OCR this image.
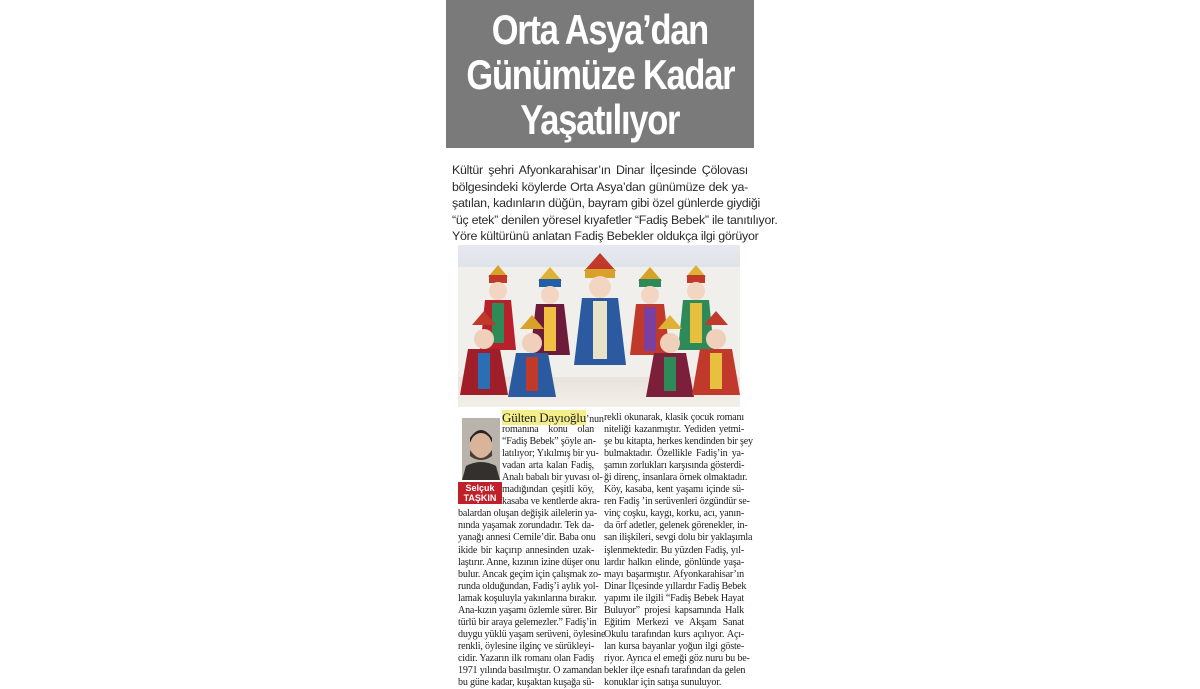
Orta Asya’dan
Günümüze Kadar
Yaşatılıyor
Kültür şehri Afyonkarahisar’ın Dinar İlçesinde Çölovası
bölgesindeki köylerde Orta Asya’dan günümüze dek ya-
şatılan, kadınların düğün, bayram gibi özel günlerde giydiği
“üç etek” denilen yöresel kıyafetler “Fadiş Bebek” ile tanıtılıyor.
Yöre kültürünü anlatan Fadiş Bebekler oldukça ilgi görüyor
Selçuk
TAŞKIN
Gülten Dayıoğlu’nun
romanına konu olan
“Fadiş Bebek” şöyle an-
latılıyor; Yıkılmış bir yu-
vadan arta kalan Fadiş,
Analı babalı bir yuvası ol-
madığından çeşitli köy,
kasaba ve kentlerde akra-
balardan oluşan değişik ailelerin ya-
nında yaşamak zorundadır. Tek da-
yanağı annesi Cemile’dir. Baba onu
ikide bir kaçırıp annesinden uzak-
laştırır. Anne, kızının izine düşer onu
bulur. Ancak geçim için çalışmak zo-
runda olduğundan, Fadiş’i aylık yol-
lamak koşuluyla yakınlarına bırakır.
Ana-kızın yaşamı özlemle sürer. Bir
türlü bir araya gelemezler.” Fadiş’in
duygu yüklü yaşam serüveni, öylesine
renkli, öylesine ilginç ve sürükleyi-
cidir. Yazarın ilk romanı olan Fadiş
1971 yılında basılmıştır. O zamandan
bu güne kadar, kuşaktan kuşağa sü-
rekli okunarak, klasik çocuk romanı
niteliği kazanmıştır. Yediden yetmi-
şe bu kitapta, herkes kendinden bir şey
bulmaktadır. Özellikle Fadiş’in ya-
şamın zorlukları karşısında gösterdi-
ği direnç, insanlara örnek olmaktadır.
Köy, kasaba, kent yaşamı içinde sü-
ren Fadiş ’in serüvenleri özgündür se-
vinç coşku, kaygı, korku, acı, yanın-
da örf adetler, gelenek görenekler, in-
san ilişkileri, sevgi dolu bir yaklaşımla
işlenmektedir. Bu yüzden Fadiş, yıl-
lardır halkın elinde, gönlünde yaşa-
mayı başarmıştır. Afyonkarahisar’ın
Dinar İlçesinde yıllardır Fadiş Bebek
yapımı ile ilgili “Fadiş Bebek Hayat
Buluyor” projesi kapsamında Halk
Eğitim Merkezi ve Akşam Sanat
Okulu tarafından kurs açılıyor. Açı-
lan kursa bayanlar yoğun ilgi göste-
riyor. Ayrıca el emeği göz nuru bu be-
bekler ilçe esnafı tarafından da gelen
konuklar için satışa sunuluyor.
